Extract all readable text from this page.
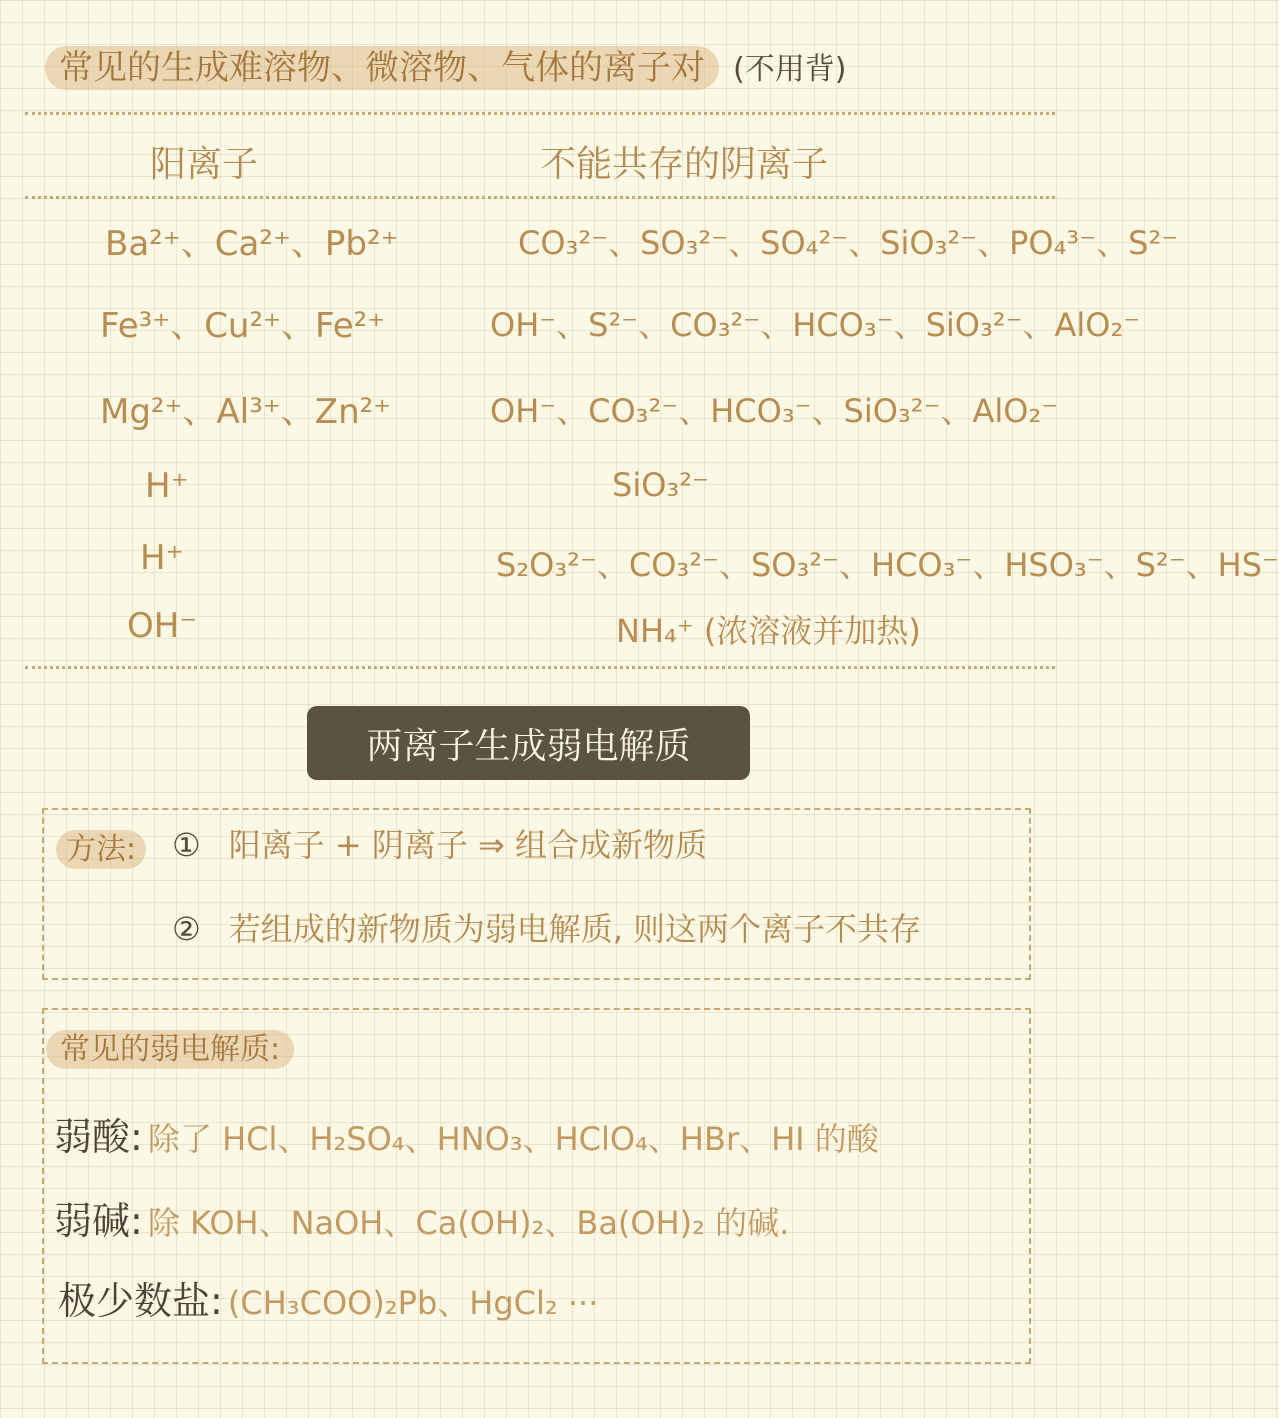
常见的生成难溶物、微溶物、气体的离子对 (不用背)
阳离子	不能共存的阴离子
Ba²⁺、Ca²⁺、Pb²⁺	CO₃²⁻、SO₃²⁻、SO₄²⁻、SiO₃²⁻、PO₄³⁻、S²⁻
Fe³⁺、Cu²⁺、Fe²⁺	OH⁻、S²⁻、CO₃²⁻、HCO₃⁻、SiO₃²⁻、AlO₂⁻
Mg²⁺、Al³⁺、Zn²⁺	OH⁻、CO₃²⁻、HCO₃⁻、SiO₃²⁻、AlO₂⁻
H⁺	SiO₃²⁻
H⁺	S₂O₃²⁻、CO₃²⁻、SO₃²⁻、HCO₃⁻、HSO₃⁻、S²⁻、HS⁻
OH⁻	NH₄⁺ (浓溶液并加热)
两离子生成弱电解质
方法:	① 阳离子 + 阴离子 ⇒ 组合成新物质
② 若组成的新物质为弱电解质, 则这两个离子不共存
常见的弱电解质:
弱酸: 除了 HCl、H₂SO₄、HNO₃、HClO₄、HBr、HI 的酸
弱碱: 除 KOH、NaOH、Ca(OH)₂、Ba(OH)₂ 的碱.
极少数盐: (CH₃COO)₂Pb、HgCl₂ ···
